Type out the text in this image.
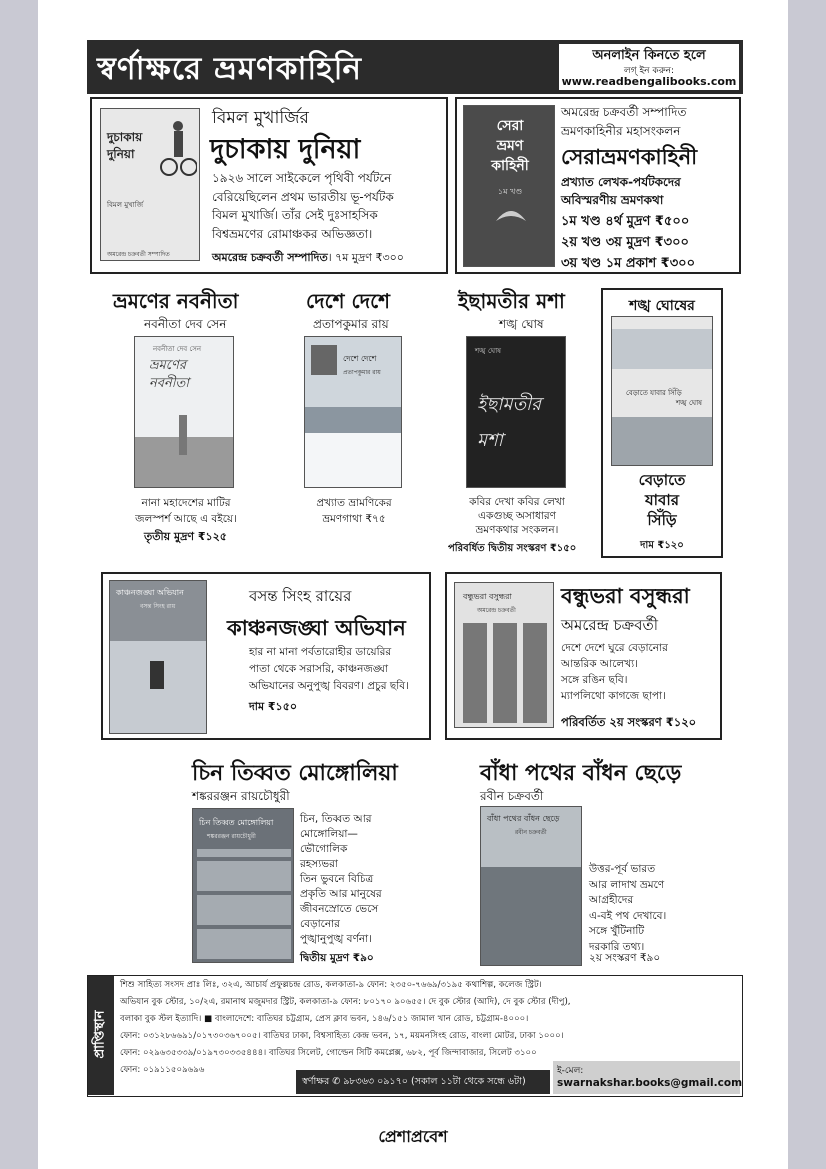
স্বর্ণাক্ষরে ভ্রমণকাহিনি	অনলাইন কিনতে হলে
লগ্‌ ইন করুন:
www.readbengalibooks.com
দুচাকায়
দুনিয়া
বিমল মুখার্জি
অমরেন্দ্র চক্রবর্তী সম্পাদিত
বিমল মুখার্জির
দুচাকায় দুনিয়া
১৯২৬ সালে সাইকেলে পৃথিবী পর্যটনে
বেরিয়েছিলেন প্রথম ভারতীয় ভূ-পর্যটক
বিমল মুখার্জি। তাঁর সেই দুঃসাহসিক
বিশ্বভ্রমণের রোমাঞ্চকর অভিজ্ঞতা।
অমরেন্দ্র চক্রবর্তী সম্পাদিত। ৭ম মুদ্রণ ₹৩০০
সেরা
ভ্রমণ
কাহিনী
১ম খণ্ড
অমরেন্দ্র চক্রবর্তী সম্পাদিত
ভ্রমণকাহিনীর মহাসংকলন
সেরাভ্রমণকাহিনী
প্রখ্যাত লেখক-পর্যটকদের
অবিস্মরণীয় ভ্রমণকথা
১ম খণ্ড ৪র্থ মুদ্রণ ₹৫০০
২য় খণ্ড ৩য় মুদ্রণ ₹৩০০
৩য় খণ্ড ১ম প্রকাশ ₹৩০০
ভ্রমণের নবনীতা
নবনীতা দেব সেন
ভ্রমণের
নবনীতা
নবনীতা দেব সেন
নানা মহাদেশের মাটির
জলস্পর্শ আছে এ বইয়ে।
তৃতীয় মুদ্রণ ₹১২৫
দেশে দেশে
প্রতাপকুমার রায়
দেশে দেশে
প্রতাপকুমার রায়
প্রখ্যাত ভ্রামণিকের
ভ্রমণগাথা ₹৭৫
ইছামতীর মশা
শঙ্খ ঘোষ
শঙ্খ ঘোষ
ইছামতীর
মশা
কবির দেখা কবির লেখা
একগুচ্ছ অসাধারণ
ভ্রমণকথার সংকলন।
পরিবর্ধিত দ্বিতীয় সংস্করণ ₹১৫০
শঙ্খ ঘোষের
বেড়াতে যাবার সিঁড়ি
শঙ্খ ঘোষ
বেড়াতে
যাবার
সিঁড়ি
দাম ₹১২০
কাঞ্চনজঙ্ঘা অভিযান
বসন্ত সিংহ রায়
বসন্ত সিংহ রায়ের
কাঞ্চনজঙ্ঘা অভিযান
হার না মানা পর্বতারোহীর ডায়েরির
পাতা থেকে সরাসরি, কাঞ্চনজঙ্ঘা
অভিযানের অনুপুঙ্খ বিবরণ। প্রচুর ছবি।
দাম ₹১৫০
বন্ধুভরা বসুন্ধরা
অমরেন্দ্র চক্রবর্তী
বন্ধুভরা বসুন্ধরা
অমরেন্দ্র চক্রবর্তী
দেশে দেশে ঘুরে বেড়ানোর
আন্তরিক আলেখ্য।
সঙ্গে রঙিন ছবি।
ম্যাপলিথো কাগজে ছাপা।
পরিবর্তিত ২য় সংস্করণ ₹১২০
চিন তিব্বত মোঙ্গোলিয়া
শঙ্কররঞ্জন রায়চৌধুরী
চিন তিব্বত মোঙ্গোলিয়া
শঙ্কররঞ্জন রায়চৌধুরী
চিন, তিব্বত আর
মোঙ্গোলিয়া—
ভৌগোলিক
রহস্যভরা
তিন ভুবনে বিচিত্র
প্রকৃতি আর মানুষের
জীবনস্রোতে ভেসে
বেড়ানোর
পুঙ্খানুপুঙ্খ বর্ণনা।
দ্বিতীয় মুদ্রণ ₹৯০
বাঁধা পথের বাঁধন ছেড়ে
রবীন চক্রবর্তী
বাঁধা পথের বাঁধন ছেড়ে
রবীন চক্রবর্তী
উত্তর-পূর্ব ভারত
আর লাদাখ ভ্রমণে
আগ্রহীদের
এ-বই পথ দেখাবে।
সঙ্গে খুঁটিনাটি
দরকারি তথ্য।
২য় সংস্করণ ₹৯০
প্রাপ্তিস্থান
শিশু সাহিত্য সংসদ প্রাঃ লিঃ, ৩২এ, আচার্য প্রফুল্লচন্দ্র রোড, কলকাতা-৯ ফোন: ২৩৫০-৭৬৬৯/৩১৯৫ কথাশিল্প, কলেজ স্ট্রিট।
অভিযান বুক স্টোর, ১০/২এ, রমানাথ মজুমদার স্ট্রিট, কলকাতা-৯ ফোন: ৮০১৭০ ৯০৬৫৫। দে বুক স্টোর (আদি), দে বুক স্টোর (দীপু),
বলাকা বুক স্টল ইত্যাদি। ■ বাংলাদেশে: বাতিঘর চট্টগ্রাম, প্রেস ক্লাব ভবন, ১৪৬/১৫১ জামাল খান রোড, চট্টগ্রাম-৪০০০।
ফোন: ০৩১২৮৬৬৯১/০১৭৩০৩৬৭০০৫। বাতিঘর ঢাকা, বিশ্বসাহিত্য কেন্দ্র ভবন, ১৭, ময়মনসিংহ রোড, বাংলা মোটর, ঢাকা ১০০০।
ফোন: ০২৯৬৩৫৩৩৯/০১৯৭৩০৩৩৫৪৪৪। বাতিঘর সিলেট, গোল্ডেন সিটি কমপ্লেক্স, ৬৮২, পূর্ব জিন্দাবাজার, সিলেট ৩১০০
ফোন: ০১৯১১৫০৯৬৯৬
স্বর্ণাক্ষর ✆ ৯৮৩৬৩ ০৯১৭০ (সকাল ১১টা থেকে সন্ধে ৬টা)
ই-মেল:
swarnakshar.books@gmail.com
প্রেশাপ্রবেশ
